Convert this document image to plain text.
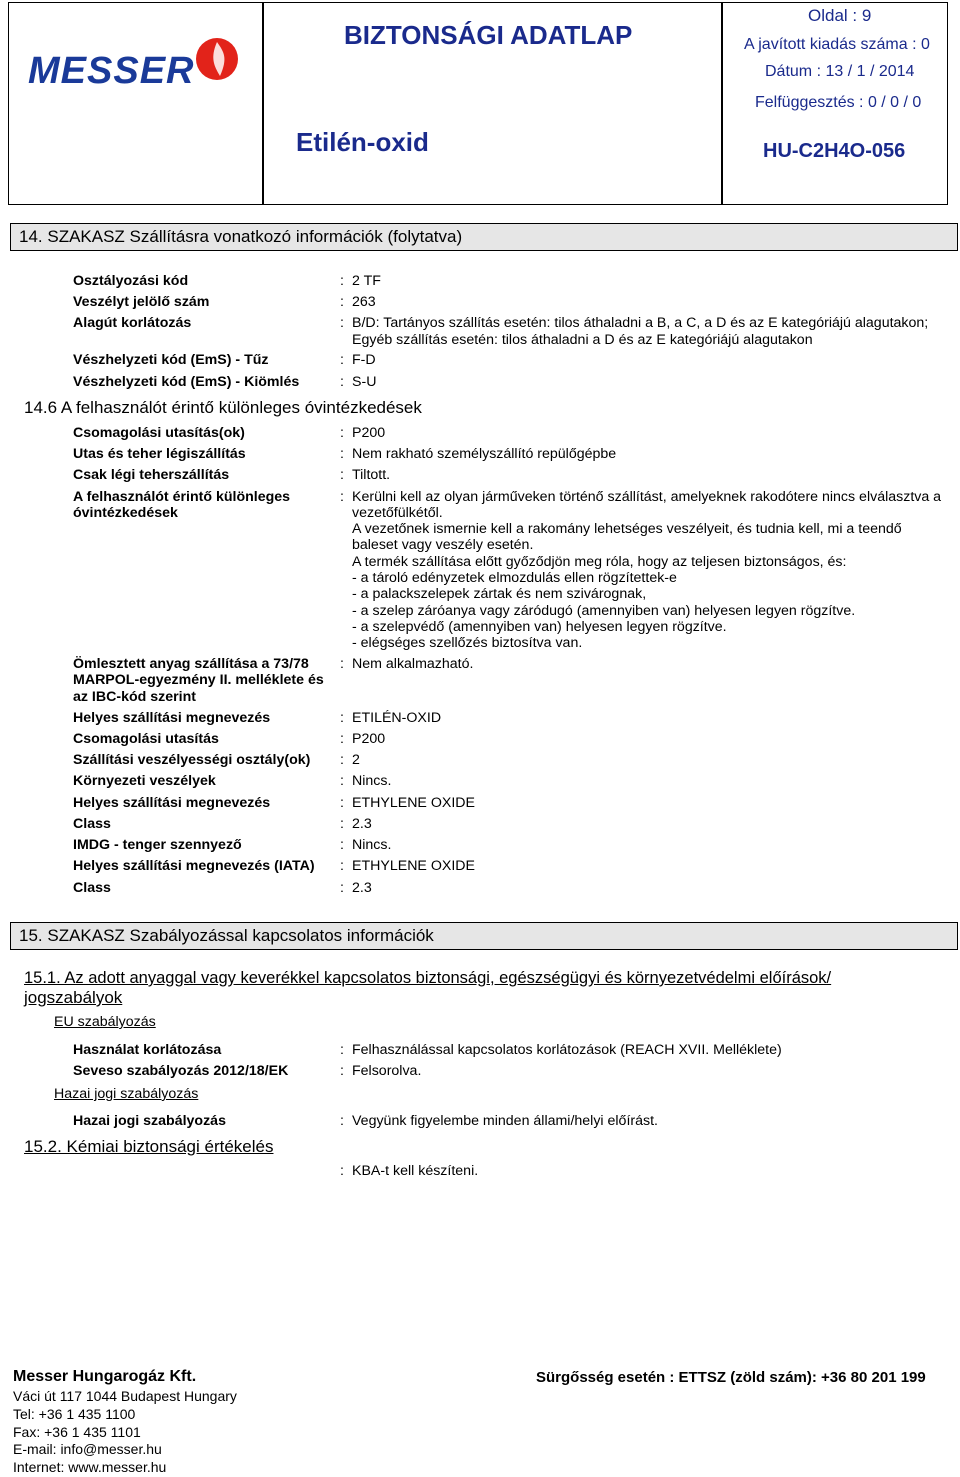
MESSER
BIZTONSÁGI ADATLAP
Etilén-oxid
Oldal : 9
A javított kiadás száma : 0
Dátum : 13 / 1 / 2014
Felfüggesztés : 0 / 0 / 0
HU-C2H4O-056
14. SZAKASZ Szállításra vonatkozó információk (folytatva)
Osztályozási kód	: 2 TF
Veszélyt jelölő szám	: 263
Alagút korlátozás	: B/D: Tartányos szállítás esetén: tilos áthaladni a B, a C, a D és az E kategóriájú alagutakon; Egyéb szállítás esetén: tilos áthaladni a D és az E kategóriájú alagutakon
Vészhelyzeti kód (EmS) - Tűz	: F-D
Vészhelyzeti kód (EmS) - Kiömlés	: S-U
14.6 A felhasználót érintő különleges óvintézkedések
Csomagolási utasítás(ok)	: P200
Utas és teher légiszállítás	: Nem rakható személyszállító repülőgépbe
Csak légi teherszállítás	: Tiltott.
A felhasználót érintő különleges
óvintézkedések
: Kerülni kell az olyan járműveken történő szállítást, amelyeknek rakodótere nincs elválasztva a
vezetőfülkétől.
A vezetőnek ismernie kell a rakomány lehetséges veszélyeit, és tudnia kell, mi a teendő
baleset vagy veszély esetén.
A termék szállítása előtt győződjön meg róla, hogy az teljesen biztonságos, és:
- a tároló edényzetek elmozdulás ellen rögzítettek-e
- a palackszelepek zártak és nem szivárognak,
- a szelep záróanya vagy záródugó (amennyiben van) helyesen legyen rögzítve.
- a szelepvédő (amennyiben van) helyesen legyen rögzítve.
- elégséges szellőzés biztosítva van.
Ömlesztett anyag szállítása a 73/78
MARPOL-egyezmény II. melléklete és
az IBC-kód szerint
: Nem alkalmazható.
Helyes szállítási megnevezés	: ETILÉN-OXID
Csomagolási utasítás	: P200
Szállítási veszélyességi osztály(ok) : 2
Környezeti veszélyek	: Nincs.
Helyes szállítási megnevezés	: ETHYLENE OXIDE
Class	: 2.3
IMDG - tenger szennyező	: Nincs.
Helyes szállítási megnevezés (IATA) : ETHYLENE OXIDE
Class	: 2.3
15. SZAKASZ Szabályozással kapcsolatos információk
15.1. Az adott anyaggal vagy keverékkel kapcsolatos biztonsági, egészségügyi és környezetvédelmi előírások/
jogszabályok
EU szabályozás
Használat korlátozása	: Felhasználással kapcsolatos korlátozások (REACH XVII. Melléklete)
Seveso szabályozás 2012/18/EK	: Felsorolva.
Hazai jogi szabályozás
Hazai jogi szabályozás	: Vegyünk figyelembe minden állami/helyi előírást.
15.2. Kémiai biztonsági értékelés
: KBA-t kell készíteni.
Messer Hungarogáz Kft.
Váci út 117 1044 Budapest Hungary
Tel: +36 1 435 1100
Fax: +36 1 435 1101
E-mail: info@messer.hu
Internet: www.messer.hu
Sürgősség esetén : ETTSZ (zöld szám): +36 80 201 199
